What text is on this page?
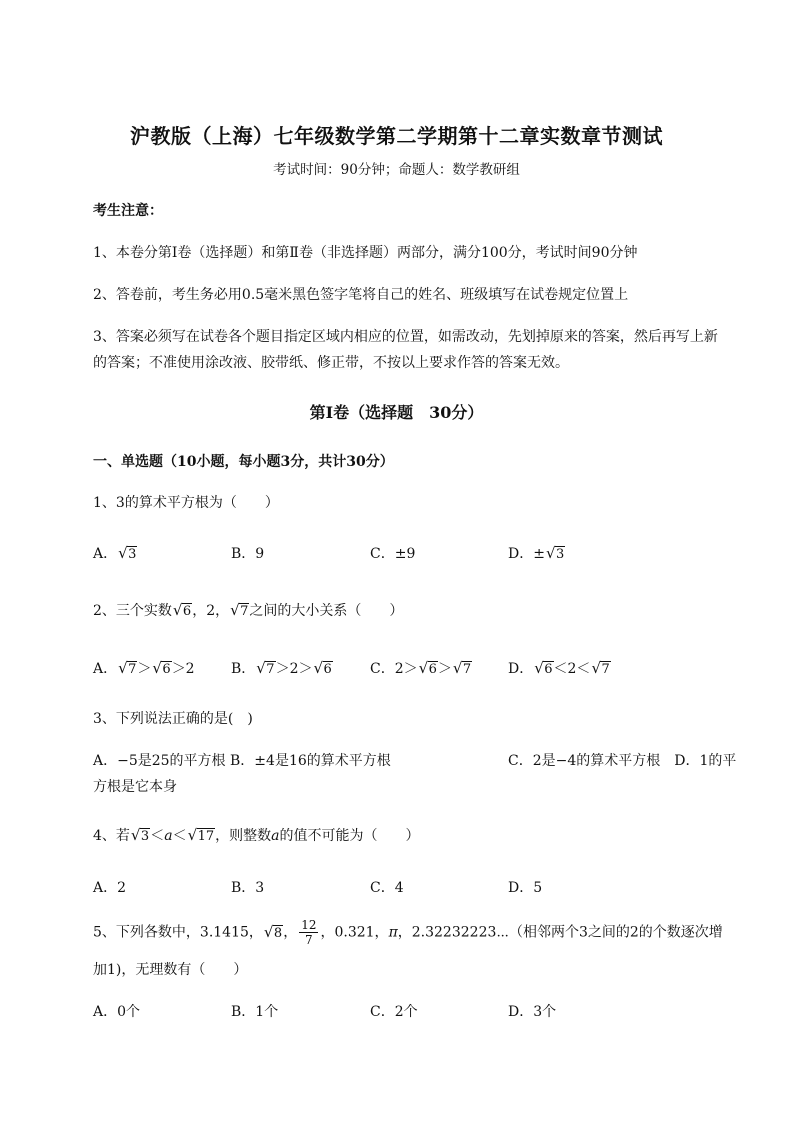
沪教版（上海）七年级数学第二学期第十二章实数章节测试
考试时间：90分钟；命题人：数学教研组
考生注意：
1、本卷分第I卷（选择题）和第Ⅱ卷（非选择题）两部分，满分100分，考试时间90分钟
2、答卷前，考生务必用0.5毫米黑色签字笔将自己的姓名、班级填写在试卷规定位置上
3、答案必须写在试卷各个题目指定区域内相应的位置，如需改动，先划掉原来的答案，然后再写上新
的答案；不准使用涂改液、胶带纸、修正带，不按以上要求作答的答案无效。
第I卷（选择题　30分）
一、单选题（10小题，每小题3分，共计30分）
1、3的算术平方根为（　　）
A． √ 3	B．9	C．±9	D．± √ 3
2、三个实数 √ 6，2， √ 7之间的大小关系（　　）
A． √ 7＞ √ 6＞2	B． √ 7＞2＞ √ 6	C．2＞ √ 6＞ √ 7	D． √ 6＜2＜ √ 7
3、下列说法正确的是(　)
A．−5是25的平方根 B．±4是16的算术平方根	C．2是−4的算术平方根　D．1的平
方根是它本身
4、若 √ 3＜a＜ √ 17，则整数a的值不可能为（　　）
A．2	B．3	C．4	D．5
5、下列各数中，3.1415， √ 8， $\frac{12}{7}$ ，0.321，π，2.32232223⋯（相邻两个3之间的2的个数逐次增
加1)，无理数有（　　）
A．0个	B．1个	C．2个	D．3个
